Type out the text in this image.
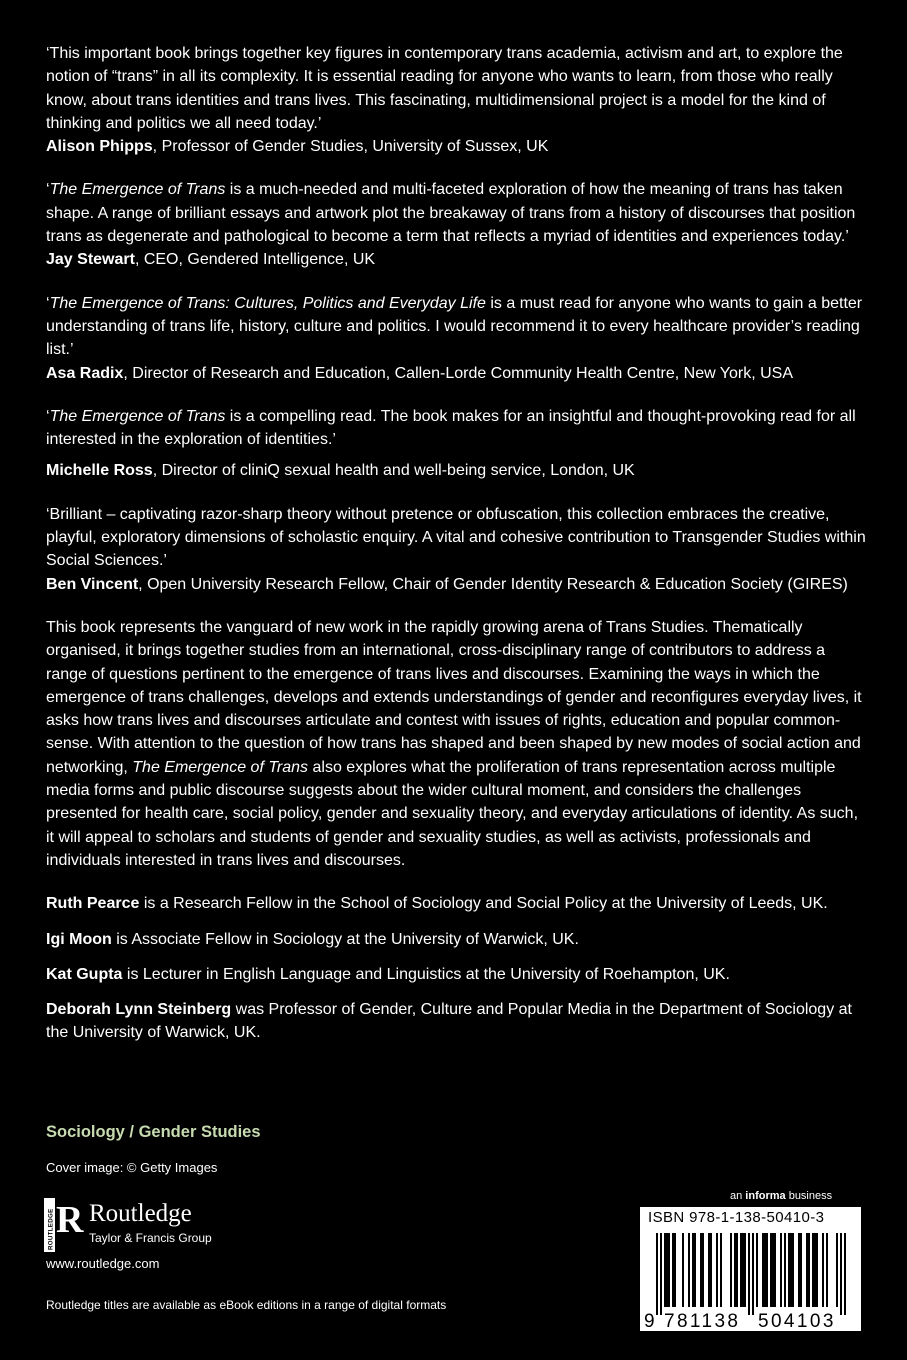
‘This important book brings together key figures in contemporary trans academia, activism and art, to explore the notion of “trans” in all its complexity. It is essential reading for anyone who wants to learn, from those who really know, about trans identities and trans lives. This fascinating, multidimensional project is a model for the kind of thinking and politics we all need today.’

Alison Phipps, Professor of Gender Studies, University of Sussex, UK

‘The Emergence of Trans is a much-needed and multi-faceted exploration of how the meaning of trans has taken shape. A range of brilliant essays and artwork plot the breakaway of trans from a history of discourses that position trans as degenerate and pathological to become a term that reflects a myriad of identities and experiences today.’

Jay Stewart, CEO, Gendered Intelligence, UK

‘The Emergence of Trans: Cultures, Politics and Everyday Life is a must read for anyone who wants to gain a better understanding of trans life, history, culture and politics. I would recommend it to every healthcare provider’s reading list.’

Asa Radix, Director of Research and Education, Callen-Lorde Community Health Centre, New York, USA

‘The Emergence of Trans is a compelling read. The book makes for an insightful and thought-provoking read for all interested in the exploration of identities.’

Michelle Ross, Director of cliniQ sexual health and well-being service, London, UK

‘Brilliant – captivating razor-sharp theory without pretence or obfuscation, this collection embraces the creative, playful, exploratory dimensions of scholastic enquiry. A vital and cohesive contribution to Transgender Studies within Social Sciences.’

Ben Vincent, Open University Research Fellow, Chair of Gender Identity Research & Education Society (GIRES)

This book represents the vanguard of new work in the rapidly growing arena of Trans Studies. Thematically organised, it brings together studies from an international, cross-disciplinary range of contributors to address a range of questions pertinent to the emergence of trans lives and discourses. Examining the ways in which the emergence of trans challenges, develops and extends understandings of gender and reconfigures everyday lives, it asks how trans lives and discourses articulate and contest with issues of rights, education and popular common-sense. With attention to the question of how trans has shaped and been shaped by new modes of social action and networking, The Emergence of Trans also explores what the proliferation of trans representation across multiple media forms and public discourse suggests about the wider cultural moment, and considers the challenges presented for health care, social policy, gender and sexuality theory, and everyday articulations of identity. As such, it will appeal to scholars and students of gender and sexuality studies, as well as activists, professionals and individuals interested in trans lives and discourses.

Ruth Pearce is a Research Fellow in the School of Sociology and Social Policy at the University of Leeds, UK.

Igi Moon is Associate Fellow in Sociology at the University of Warwick, UK.

Kat Gupta is Lecturer in English Language and Linguistics at the University of Roehampton, UK.

Deborah Lynn Steinberg was Professor of Gender, Culture and Popular Media in the Department of Sociology at the University of Warwick, UK.

Sociology / Gender Studies
Cover image: © Getty Images
ROUTLEDGE R Routledge
Taylor & Francis Group
www.routledge.com
Routledge titles are available as eBook editions in a range of digital formats
an informa business
ISBN 978-1-138-50410-3
9 781138 504103
